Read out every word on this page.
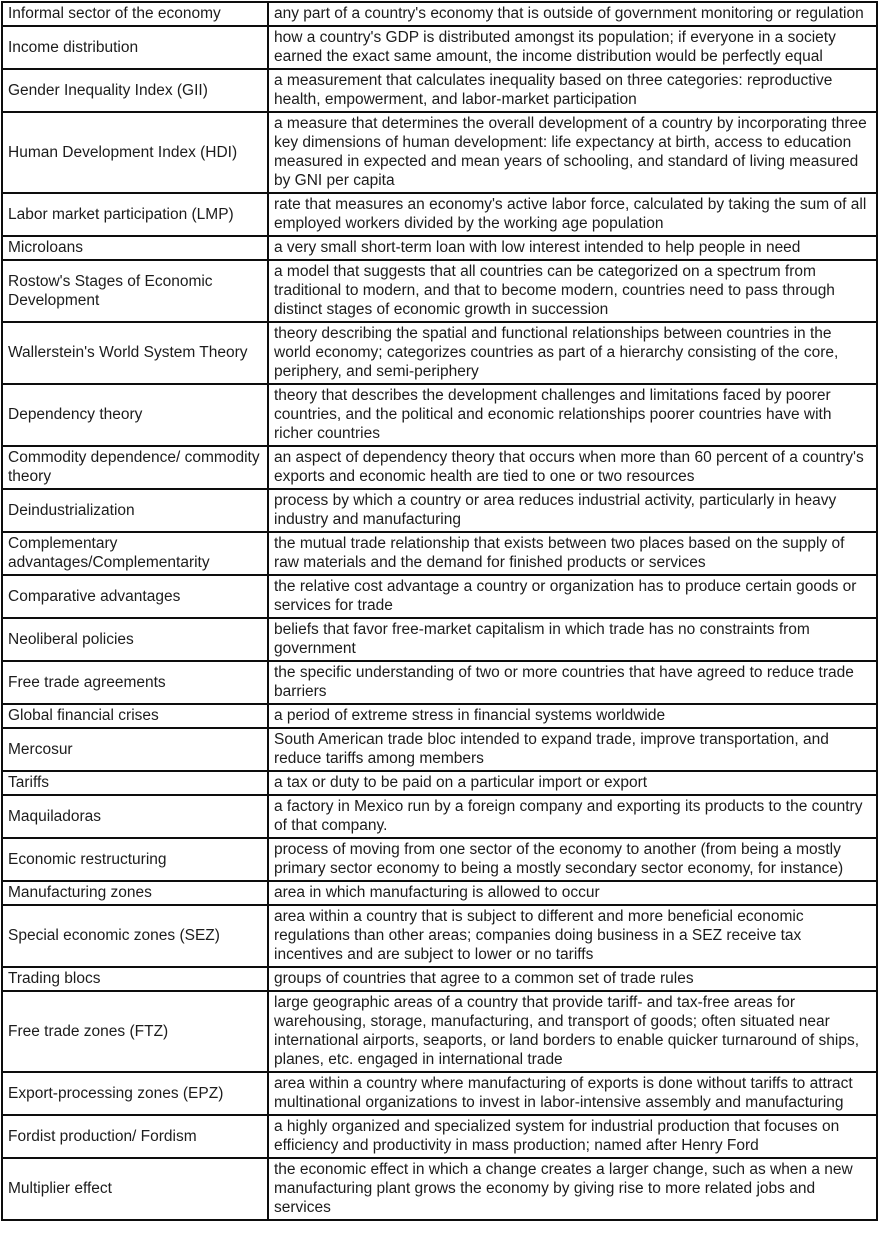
Informal sector of the economy	any part of a country's economy that is outside of government monitoring or regulation
Income distribution	how a country's GDP is distributed amongst its population; if everyone in a society earned the exact same amount, the income distribution would be perfectly equal
Gender Inequality Index (GII)	a measurement that calculates inequality based on three categories: reproductive health, empowerment, and labor-market participation
Human Development Index (HDI)	a measure that determines the overall development of a country by incorporating three key dimensions of human development: life expectancy at birth, access to education measured in expected and mean years of schooling, and standard of living measured by GNI per capita
Labor market participation (LMP)	rate that measures an economy's active labor force, calculated by taking the sum of all employed workers divided by the working age population
Microloans	a very small short-term loan with low interest intended to help people in need
Rostow's Stages of Economic Development	a model that suggests that all countries can be categorized on a spectrum from traditional to modern, and that to become modern, countries need to pass through distinct stages of economic growth in succession
Wallerstein's World System Theory	theory describing the spatial and functional relationships between countries in the world economy; categorizes countries as part of a hierarchy consisting of the core, periphery, and semi-periphery
Dependency theory	theory that describes the development challenges and limitations faced by poorer countries, and the political and economic relationships poorer countries have with richer countries
Commodity dependence/ commodity theory	an aspect of dependency theory that occurs when more than 60 percent of a country's exports and economic health are tied to one or two resources
Deindustrialization	process by which a country or area reduces industrial activity, particularly in heavy industry and manufacturing
Complementary advantages/Complementarity	the mutual trade relationship that exists between two places based on the supply of raw materials and the demand for finished products or services
Comparative advantages	the relative cost advantage a country or organization has to produce certain goods or services for trade
Neoliberal policies	beliefs that favor free-market capitalism in which trade has no constraints from government
Free trade agreements	the specific understanding of two or more countries that have agreed to reduce trade barriers
Global financial crises	a period of extreme stress in financial systems worldwide
Mercosur	South American trade bloc intended to expand trade, improve transportation, and reduce tariffs among members
Tariffs	a tax or duty to be paid on a particular import or export
Maquiladoras	a factory in Mexico run by a foreign company and exporting its products to the country of that company.
Economic restructuring	process of moving from one sector of the economy to another (from being a mostly primary sector economy to being a mostly secondary sector economy, for instance)
Manufacturing zones	area in which manufacturing is allowed to occur
Special economic zones (SEZ)	area within a country that is subject to different and more beneficial economic regulations than other areas; companies doing business in a SEZ receive tax incentives and are subject to lower or no tariffs
Trading blocs	groups of countries that agree to a common set of trade rules
Free trade zones (FTZ)	large geographic areas of a country that provide tariff- and tax-free areas for warehousing, storage, manufacturing, and transport of goods; often situated near international airports, seaports, or land borders to enable quicker turnaround of ships, planes, etc. engaged in international trade
Export-processing zones (EPZ)	area within a country where manufacturing of exports is done without tariffs to attract multinational organizations to invest in labor-intensive assembly and manufacturing
Fordist production/ Fordism	a highly organized and specialized system for industrial production that focuses on efficiency and productivity in mass production; named after Henry Ford
Multiplier effect	the economic effect in which a change creates a larger change, such as when a new manufacturing plant grows the economy by giving rise to more related jobs and services
